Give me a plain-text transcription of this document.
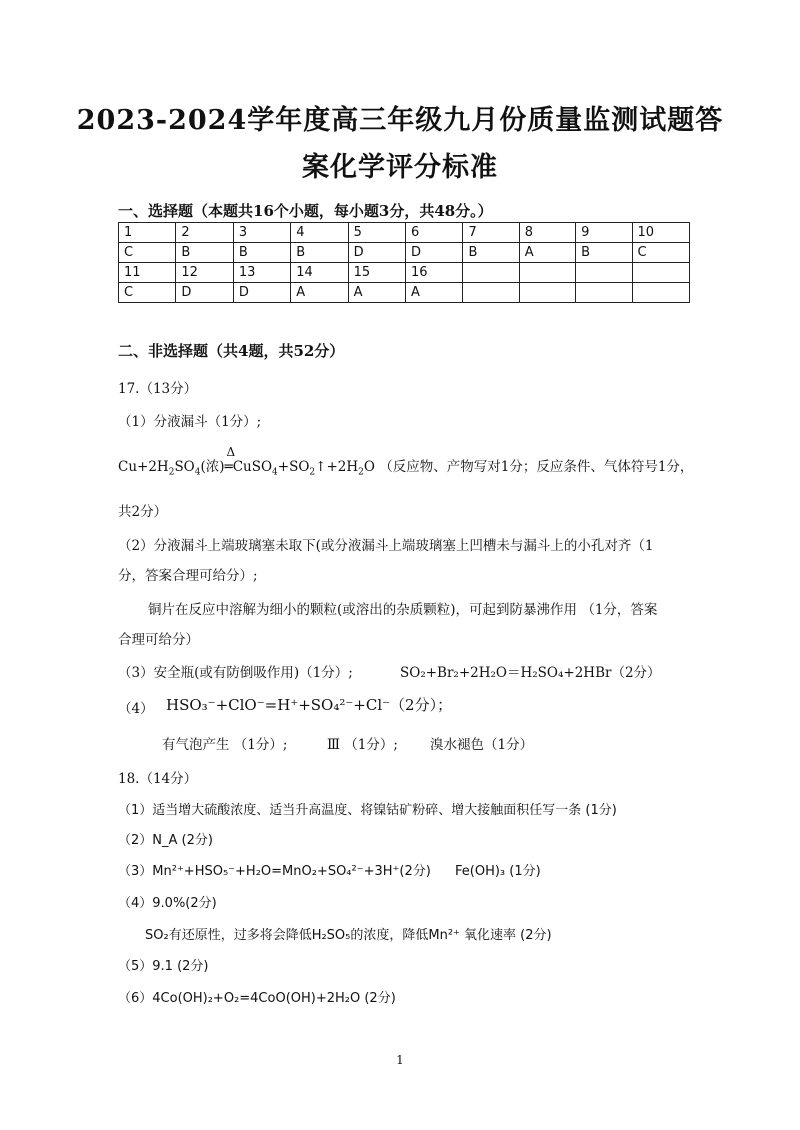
2023-2024学年度高三年级九月份质量监测试题答
案化学评分标准
一、选择题（本题共16个小题，每小题3分，共48分。）
1	2	3	4	5	6	7	8	9	10
C	B	B	B	D	D	B	A	B	C
11	12	13	14	15	16				
C	D	D	A	A	A				
二、非选择题（共4题，共52分）
17.（13分）
（1）分液漏斗（1分）;
$Cu+2H_2SO_4$(浓)
Δ
$═CuSO_4+SO_2↑+2H_2O$ （反应物、产物写对1分；反应条件、气体符号1分，
共2分）
（2）分液漏斗上端玻璃塞未取下(或分液漏斗上端玻璃塞上凹槽未与漏斗上的小孔对齐（1
分，答案合理可给分）;
铜片在反应中溶解为细小的颗粒(或溶出的杂质颗粒)，可起到防暴沸作用 （1分，答案
合理可给分）
（3）安全瓶(或有防倒吸作用)（1分）;	SO₂+Br₂+2H₂O＝H₂SO₄+2HBr（2分）
（4） HSO₃⁻+ClO⁻=H⁺+SO₄²⁻+Cl⁻（2分）；
有气泡产生 （1分）;	Ⅲ （1分）; 溴水褪色（1分）
18.（14分）
（1）适当增大硫酸浓度、适当升高温度、将镍钴矿粉碎、增大接触面积任写一条 (1分)
（2）N_A (2分)
（3）Mn²⁺+HSO₅⁻+H₂O=MnO₂+SO₄²⁻+3H⁺(2分) Fe(OH)₃ (1分)
（4）9.0%(2分)
SO₂有还原性，过多将会降低H₂SO₅的浓度，降低Mn²⁺ 氧化速率 (2分)
（5）9.1 (2分)
（6）4Co(OH)₂+O₂=4CoO(OH)+2H₂O (2分)
1
